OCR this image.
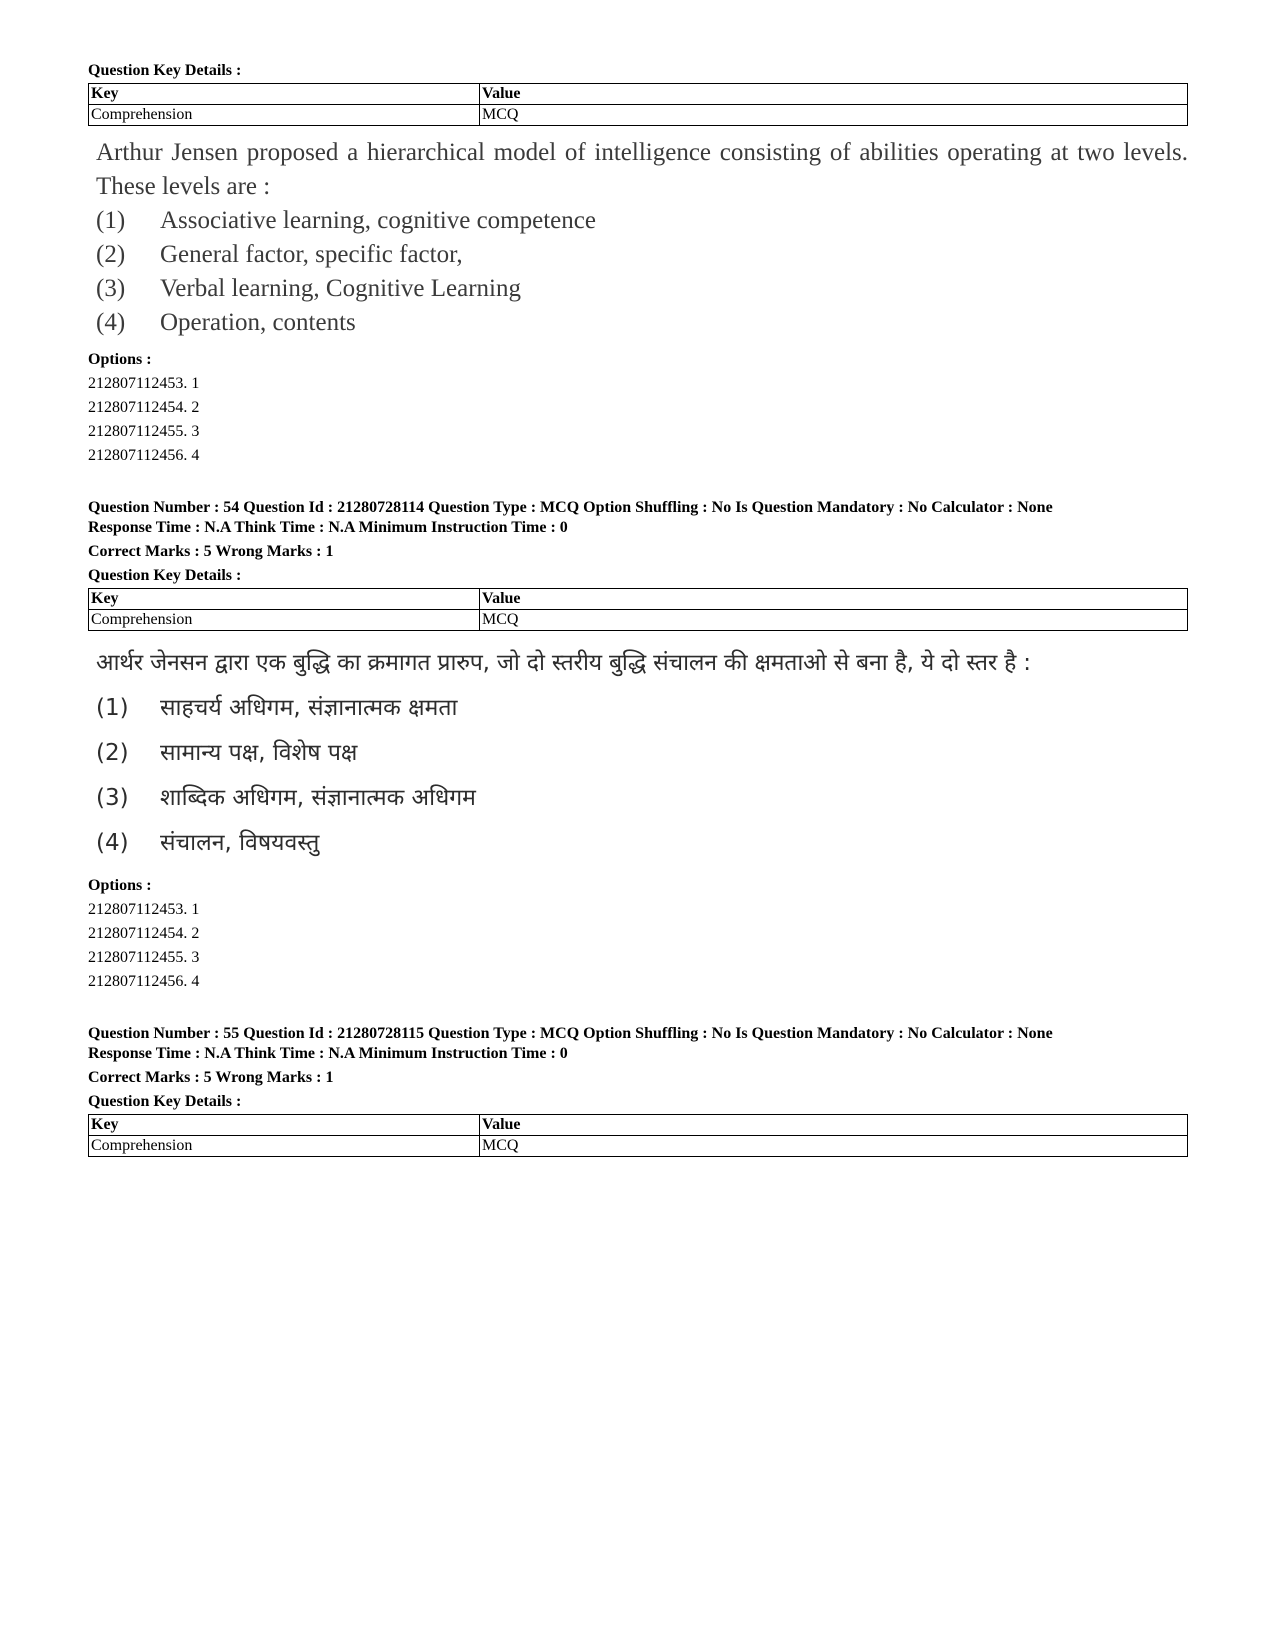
Question Key Details :
Key	Value
Comprehension	MCQ
Arthur Jensen proposed a hierarchical model of intelligence consisting of abilities operating at two levels. These levels are :
(1)	Associative learning, cognitive competence
(2)	General factor, specific factor,
(3)	Verbal learning, Cognitive Learning
(4)	Operation, contents
Options :
212807112453. 1
212807112454. 2
212807112455. 3
212807112456. 4
Question Number : 54 Question Id : 21280728114 Question Type : MCQ Option Shuffling : No Is Question Mandatory : No Calculator : None
Response Time : N.A Think Time : N.A Minimum Instruction Time : 0
Correct Marks : 5 Wrong Marks : 1
Question Key Details :
Key	Value
Comprehension	MCQ
आर्थर जेनसन द्वारा एक बुद्धि का क्रमागत प्रारुप, जो दो स्तरीय बुद्धि संचालन की क्षमताओ से बना है, ये दो स्तर है :
(1)	साहचर्य अधिगम, संज्ञानात्मक क्षमता
(2)	सामान्य पक्ष, विशेष पक्ष
(3)	शाब्दिक अधिगम, संज्ञानात्मक अधिगम
(4)	संचालन, विषयवस्तु
Options :
212807112453. 1
212807112454. 2
212807112455. 3
212807112456. 4
Question Number : 55 Question Id : 21280728115 Question Type : MCQ Option Shuffling : No Is Question Mandatory : No Calculator : None
Response Time : N.A Think Time : N.A Minimum Instruction Time : 0
Correct Marks : 5 Wrong Marks : 1
Question Key Details :
Key	Value
Comprehension	MCQ
